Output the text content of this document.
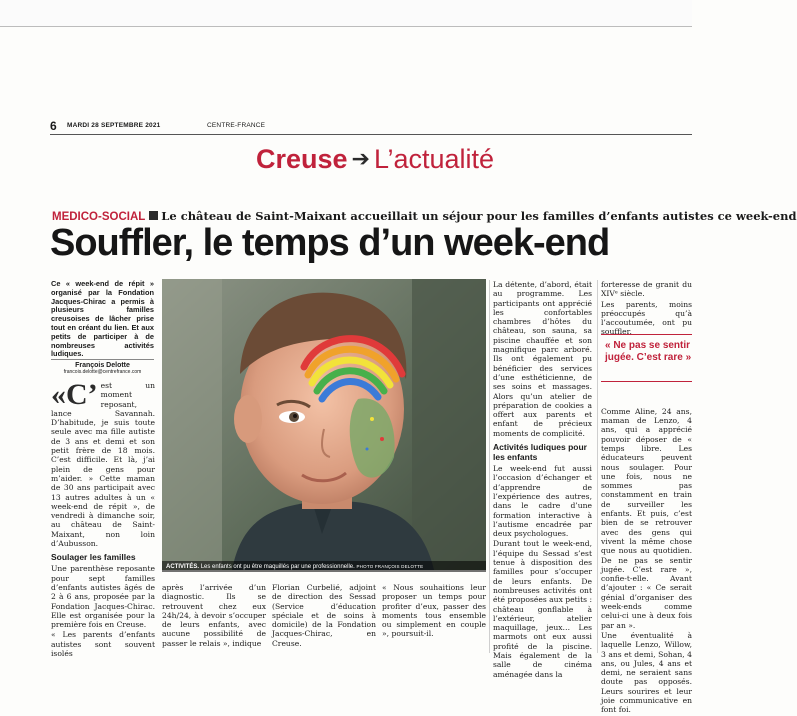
6 MARDI 28 SEPTEMBRE 2021	CENTRE-FRANCE
Creuse ➔ L’actualité
MEDICO-SOCIAL Le château de Saint-Maixant accueillait un séjour pour les familles d’enfants autistes ce week-end
Souffler, le temps d’un week-end
Ce « week-end de répit » organisé par la Fondation Jacques-Chirac a permis à plusieurs familles creusoises de lâcher prise tout en créant du lien. Et aux petits de participer à de nombreuses activités ludiques.
François Delotte
francois.delotte@centrefrance.com

«C’ est un moment reposant, lance Savannah. D’habitude, je suis toute seule avec ma fille autiste de 3 ans et demi et son petit frère de 18 mois. C’est difficile. Et là, j’ai plein de gens pour m’aider. » Cette maman de 30 ans participait avec 13 autres adultes à un « week-end de répit », de vendredi à dimanche soir, au château de Saint-Maixant, non loin d’Aubusson.

Soulager les familles

Une parenthèse reposante pour sept familles d’enfants autistes âgés de 2 à 6 ans, proposée par la Fondation Jacques-Chirac. Elle est organisée pour la première fois en Creuse.

« Les parents d’enfants autistes sont souvent isolés

ACTIVITÉS. Les enfants ont pu être maquillés par une professionnelle. PHOTO FRANÇOIS DELOTTE
après l’arrivée d’un diagnostic. Ils se retrouvent chez eux 24h/24, à devoir s’occuper de leurs enfants, avec aucune possibilité de passer le relais », indique
Florian Curbelié, adjoint de direction des Sessad (Service d’éducation spéciale et de soins à domicile) de la Fondation Jacques-Chirac, en Creuse.
« Nous souhaitions leur proposer un temps pour profiter d’eux, passer des moments tous ensemble ou simplement en couple », poursuit-il.

La détente, d’abord, était au programme. Les participants ont apprécié les confortables chambres d’hôtes du château, son sauna, sa piscine chauffée et son magnifique parc arboré. Ils ont également pu bénéficier des services d’une esthéticienne, de ses soins et massages. Alors qu’un atelier de préparation de cookies a offert aux parents et enfant de précieux moments de complicité.

Activités ludiques pour les enfants

Le week-end fut aussi l’occasion d’échanger et d’apprendre de l’expérience des autres, dans le cadre d’une formation interactive à l’autisme encadrée par deux psychologues.

Durant tout le week-end, l’équipe du Sessad s’est tenue à disposition des familles pour s’occuper de leurs enfants. De nombreuses activités ont été proposées aux petits : château gonflable à l’extérieur, atelier maquillage, jeux… Les marmots ont eux aussi profité de la piscine. Mais également de la salle de cinéma aménagée dans la

forteresse de granit du XIVᵉ siècle.

Les parents, moins préoccupés qu’à l’accoutumée, ont pu souffler.

Comme Aline, 24 ans, maman de Lenzo, 4 ans, qui a apprécié pouvoir déposer de « temps libre. Les éducateurs peuvent nous soulager. Pour une fois, nous ne sommes pas constamment en train de surveiller les enfants. Et puis, c’est bien de se retrouver avec des gens qui vivent la même chose que nous au quotidien. De ne pas se sentir jugée. C’est rare », confie-t-elle. Avant d’ajouter : « Ce serait génial d’organiser des week-ends comme celui-ci une à deux fois par an ».

Une éventualité à laquelle Lenzo, Willow, 3 ans et demi, Sohan, 4 ans, ou Jules, 4 ans et demi, ne seraient sans doute pas opposés. Leurs sourires et leur joie communicative en font foi.

« Ne pas se sentir jugée. C’est rare »
